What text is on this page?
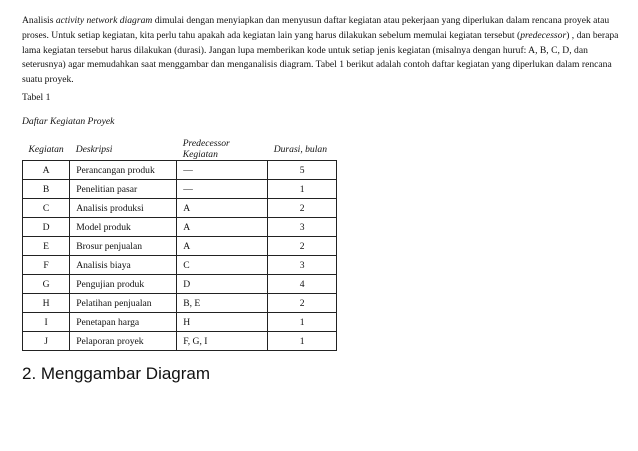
Analisis activity network diagram dimulai dengan menyiapkan dan menyusun daftar kegiatan atau pekerjaan yang diperlukan dalam rencana proyek atau proses. Untuk setiap kegiatan, kita perlu tahu apakah ada kegiatan lain yang harus dilakukan sebelum memulai kegiatan tersebut (predecessor) , dan berapa lama kegiatan tersebut harus dilakukan (durasi). Jangan lupa memberikan kode untuk setiap jenis kegiatan (misalnya dengan huruf: A, B, C, D, dan seterusnya) agar memudahkan saat menggambar dan menganalisis diagram. Tabel 1 berikut adalah contoh daftar kegiatan yang diperlukan dalam rencana suatu proyek.

Tabel 1

Daftar Kegiatan Proyek

Kegiatan	Deskripsi	Predecessor Kegiatan	Durasi, bulan
A	Perancangan produk	—	5
B	Penelitian pasar	—	1
C	Analisis produksi	A	2
D	Model produk	A	3
E	Brosur penjualan	A	2
F	Analisis biaya	C	3
G	Pengujian produk	D	4
H	Pelatihan penjualan	B, E	2
I	Penetapan harga	H	1
J	Pelaporan proyek	F, G, I	1
2. Menggambar Diagram
